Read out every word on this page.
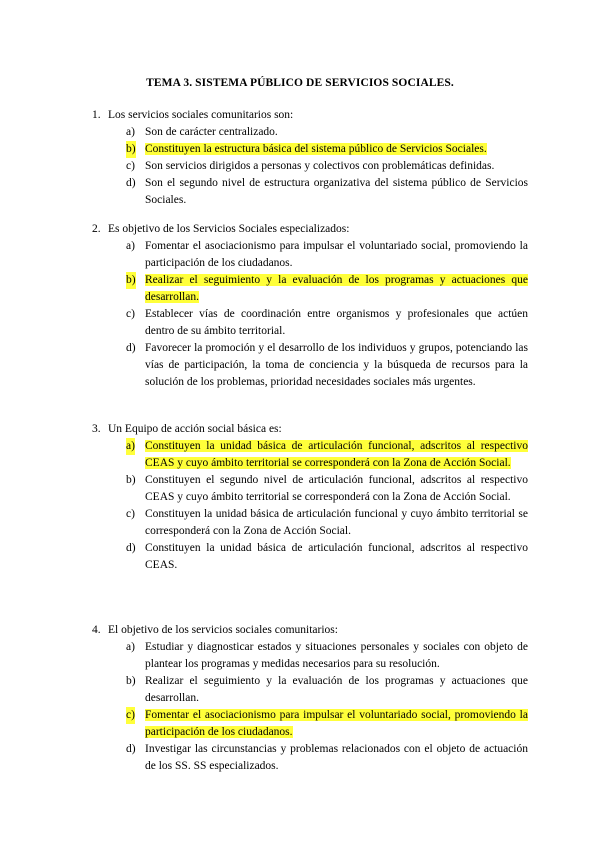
TEMA 3. SISTEMA PÚBLICO DE SERVICIOS SOCIALES.
1. Los servicios sociales comunitarios son:
a) Son de carácter centralizado.
b) Constituyen la estructura básica del sistema público de Servicios Sociales.
c) Son servicios dirigidos a personas y colectivos con problemáticas definidas.
d) Son el segundo nivel de estructura organizativa del sistema público de Servicios Sociales.
2. Es objetivo de los Servicios Sociales especializados:
a) Fomentar el asociacionismo para impulsar el voluntariado social, promoviendo la participación de los ciudadanos.
b) Realizar el seguimiento y la evaluación de los programas y actuaciones que desarrollan.
c) Establecer vías de coordinación entre organismos y profesionales que actúen dentro de su ámbito territorial.
d) Favorecer la promoción y el desarrollo de los individuos y grupos, potenciando las vías de participación, la toma de conciencia y la búsqueda de recursos para la solución de los problemas, prioridad necesidades sociales más urgentes.
3. Un Equipo de acción social básica es:
a) Constituyen la unidad básica de articulación funcional, adscritos al respectivo CEAS y cuyo ámbito territorial se corresponderá con la Zona de Acción Social.
b) Constituyen el segundo nivel de articulación funcional, adscritos al respectivo CEAS y cuyo ámbito territorial se corresponderá con la Zona de Acción Social.
c) Constituyen la unidad básica de articulación funcional y cuyo ámbito territorial se corresponderá con la Zona de Acción Social.
d) Constituyen la unidad básica de articulación funcional, adscritos al respectivo CEAS.
4. El objetivo de los servicios sociales comunitarios:
a) Estudiar y diagnosticar estados y situaciones personales y sociales con objeto de plantear los programas y medidas necesarios para su resolución.
b) Realizar el seguimiento y la evaluación de los programas y actuaciones que desarrollan.
c) Fomentar el asociacionismo para impulsar el voluntariado social, promoviendo la participación de los ciudadanos.
d) Investigar las circunstancias y problemas relacionados con el objeto de actuación de los SS. SS especializados.
